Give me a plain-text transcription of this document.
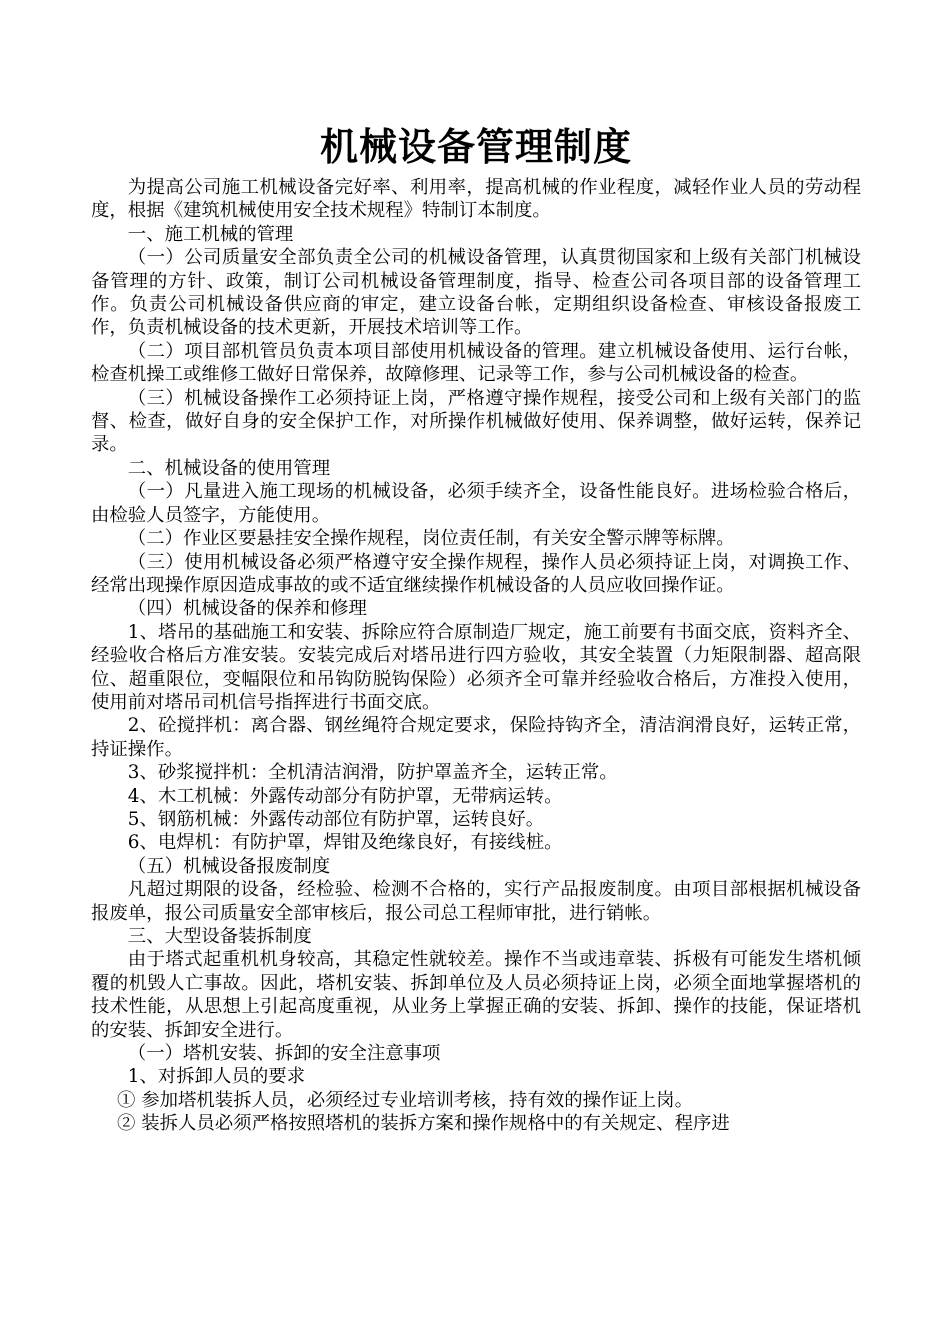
机械设备管理制度

为提高公司施工机械设备完好率、利用率，提高机械的作业程度，减轻作业人员的劳动程度，根据《建筑机械使用安全技术规程》特制订本制度。

一、施工机械的管理

（一）公司质量安全部负责全公司的机械设备管理，认真贯彻国家和上级有关部门机械设备管理的方针、政策，制订公司机械设备管理制度，指导、检查公司各项目部的设备管理工作。负责公司机械设备供应商的审定，建立设备台帐，定期组织设备检查、审核设备报废工作，负责机械设备的技术更新，开展技术培训等工作。

（二）项目部机管员负责本项目部使用机械设备的管理。建立机械设备使用、运行台帐，检查机操工或维修工做好日常保养，故障修理、记录等工作，参与公司机械设备的检查。

（三）机械设备操作工必须持证上岗，严格遵守操作规程，接受公司和上级有关部门的监督、检查，做好自身的安全保护工作，对所操作机械做好使用、保养调整，做好运转，保养记录。

二、机械设备的使用管理

（一）凡量进入施工现场的机械设备，必须手续齐全，设备性能良好。进场检验合格后，由检验人员签字，方能使用。

（二）作业区要悬挂安全操作规程，岗位责任制，有关安全警示牌等标牌。

（三）使用机械设备必须严格遵守安全操作规程，操作人员必须持证上岗，对调换工作、经常出现操作原因造成事故的或不适宜继续操作机械设备的人员应收回操作证。

（四）机械设备的保养和修理

1、塔吊的基础施工和安装、拆除应符合原制造厂规定，施工前要有书面交底，资料齐全、经验收合格后方准安装。安装完成后对塔吊进行四方验收，其安全装置（力矩限制器、超高限位、超重限位，变幅限位和吊钩防脱钩保险）必须齐全可靠并经验收合格后，方准投入使用，使用前对塔吊司机信号指挥进行书面交底。

2、砼搅拌机：离合器、钢丝绳符合规定要求，保险持钩齐全，清洁润滑良好，运转正常，持证操作。

3、砂浆搅拌机：全机清洁润滑，防护罩盖齐全，运转正常。

4、木工机械：外露传动部分有防护罩，无带病运转。

5、钢筋机械：外露传动部位有防护罩，运转良好。

6、电焊机：有防护罩，焊钳及绝缘良好，有接线桩。

（五）机械设备报废制度

凡超过期限的设备，经检验、检测不合格的，实行产品报废制度。由项目部根据机械设备报废单，报公司质量安全部审核后，报公司总工程师审批，进行销帐。

三、大型设备装拆制度

由于塔式起重机机身较高，其稳定性就较差。操作不当或违章装、拆极有可能发生塔机倾覆的机毁人亡事故。因此，塔机安装、拆卸单位及人员必须持证上岗，必须全面地掌握塔机的技术性能，从思想上引起高度重视，从业务上掌握正确的安装、拆卸、操作的技能，保证塔机的安装、拆卸安全进行。

（一）塔机安装、拆卸的安全注意事项

1、对拆卸人员的要求

① 参加塔机装拆人员，必须经过专业培训考核，持有效的操作证上岗。

② 装拆人员必须严格按照塔机的装拆方案和操作规格中的有关规定、程序进
